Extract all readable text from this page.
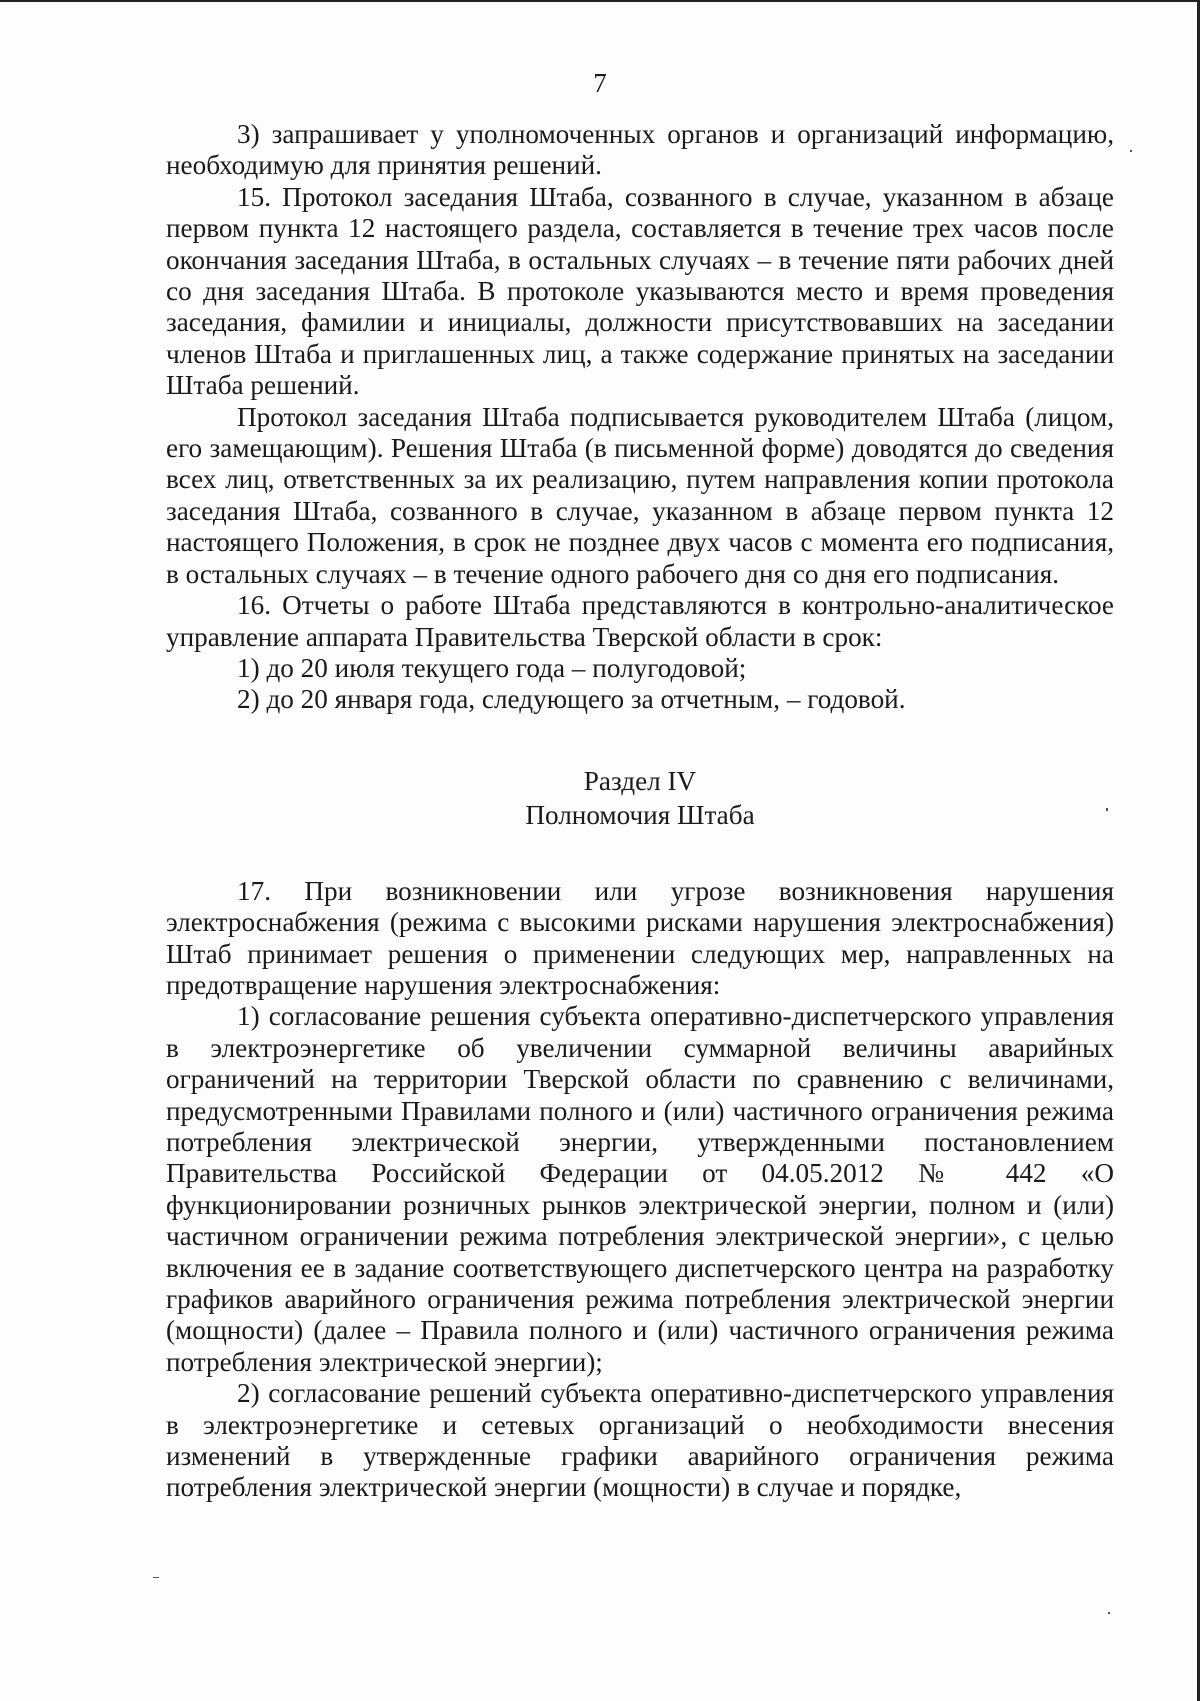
7

3) запрашивает у уполномоченных органов и организаций информацию, необходимую для принятия решений.

15. Протокол заседания Штаба, созванного в случае, указанном в абзаце первом пункта 12 настоящего раздела, составляется в течение трех часов после окончания заседания Штаба, в остальных случаях – в течение пяти рабочих дней со дня заседания Штаба. В протоколе указываются место и время проведения заседания, фамилии и инициалы, должности присутствовавших на заседании членов Штаба и приглашенных лиц, а также содержание принятых на заседании Штаба решений.

Протокол заседания Штаба подписывается руководителем Штаба (лицом, его замещающим). Решения Штаба (в письменной форме) доводятся до сведения всех лиц, ответственных за их реализацию, путем направления копии протокола заседания Штаба, созванного в случае, указанном в абзаце первом пункта 12 настоящего Положения, в срок не позднее двух часов с момента его подписания, в остальных случаях – в течение одного рабочего дня со дня его подписания.

16. Отчеты о работе Штаба представляются в контрольно-аналитическое управление аппарата Правительства Тверской области в срок:

1) до 20 июля текущего года – полугодовой;

2) до 20 января года, следующего за отчетным, – годовой.

Раздел IV
Полномочия Штаба

17. При возникновении или угрозе возникновения нарушения электроснабжения (режима с высокими рисками нарушения электроснабжения) Штаб принимает решения о применении следующих мер, направленных на предотвращение нарушения электроснабжения:

1) согласование решения субъекта оперативно-диспетчерского управления в электроэнергетике об увеличении суммарной величины аварийных ограничений на территории Тверской области по сравнению с величинами, предусмотренными Правилами полного и (или) частичного ограничения режима потребления электрической энергии, утвержденными постановлением Правительства Российской Федерации от 04.05.2012 № 442 «О функционировании розничных рынков электрической энергии, полном и (или) частичном ограничении режима потребления электрической энергии», с целью включения ее в задание соответствующего диспетчерского центра на разработку графиков аварийного ограничения режима потребления электрической энергии (мощности) (далее – Правила полного и (или) частичного ограничения режима потребления электрической энергии);

2) согласование решений субъекта оперативно-диспетчерского управления в электроэнергетике и сетевых организаций о необходимости внесения изменений в утвержденные графики аварийного ограничения режима потребления электрической энергии (мощности) в случае и порядке,
